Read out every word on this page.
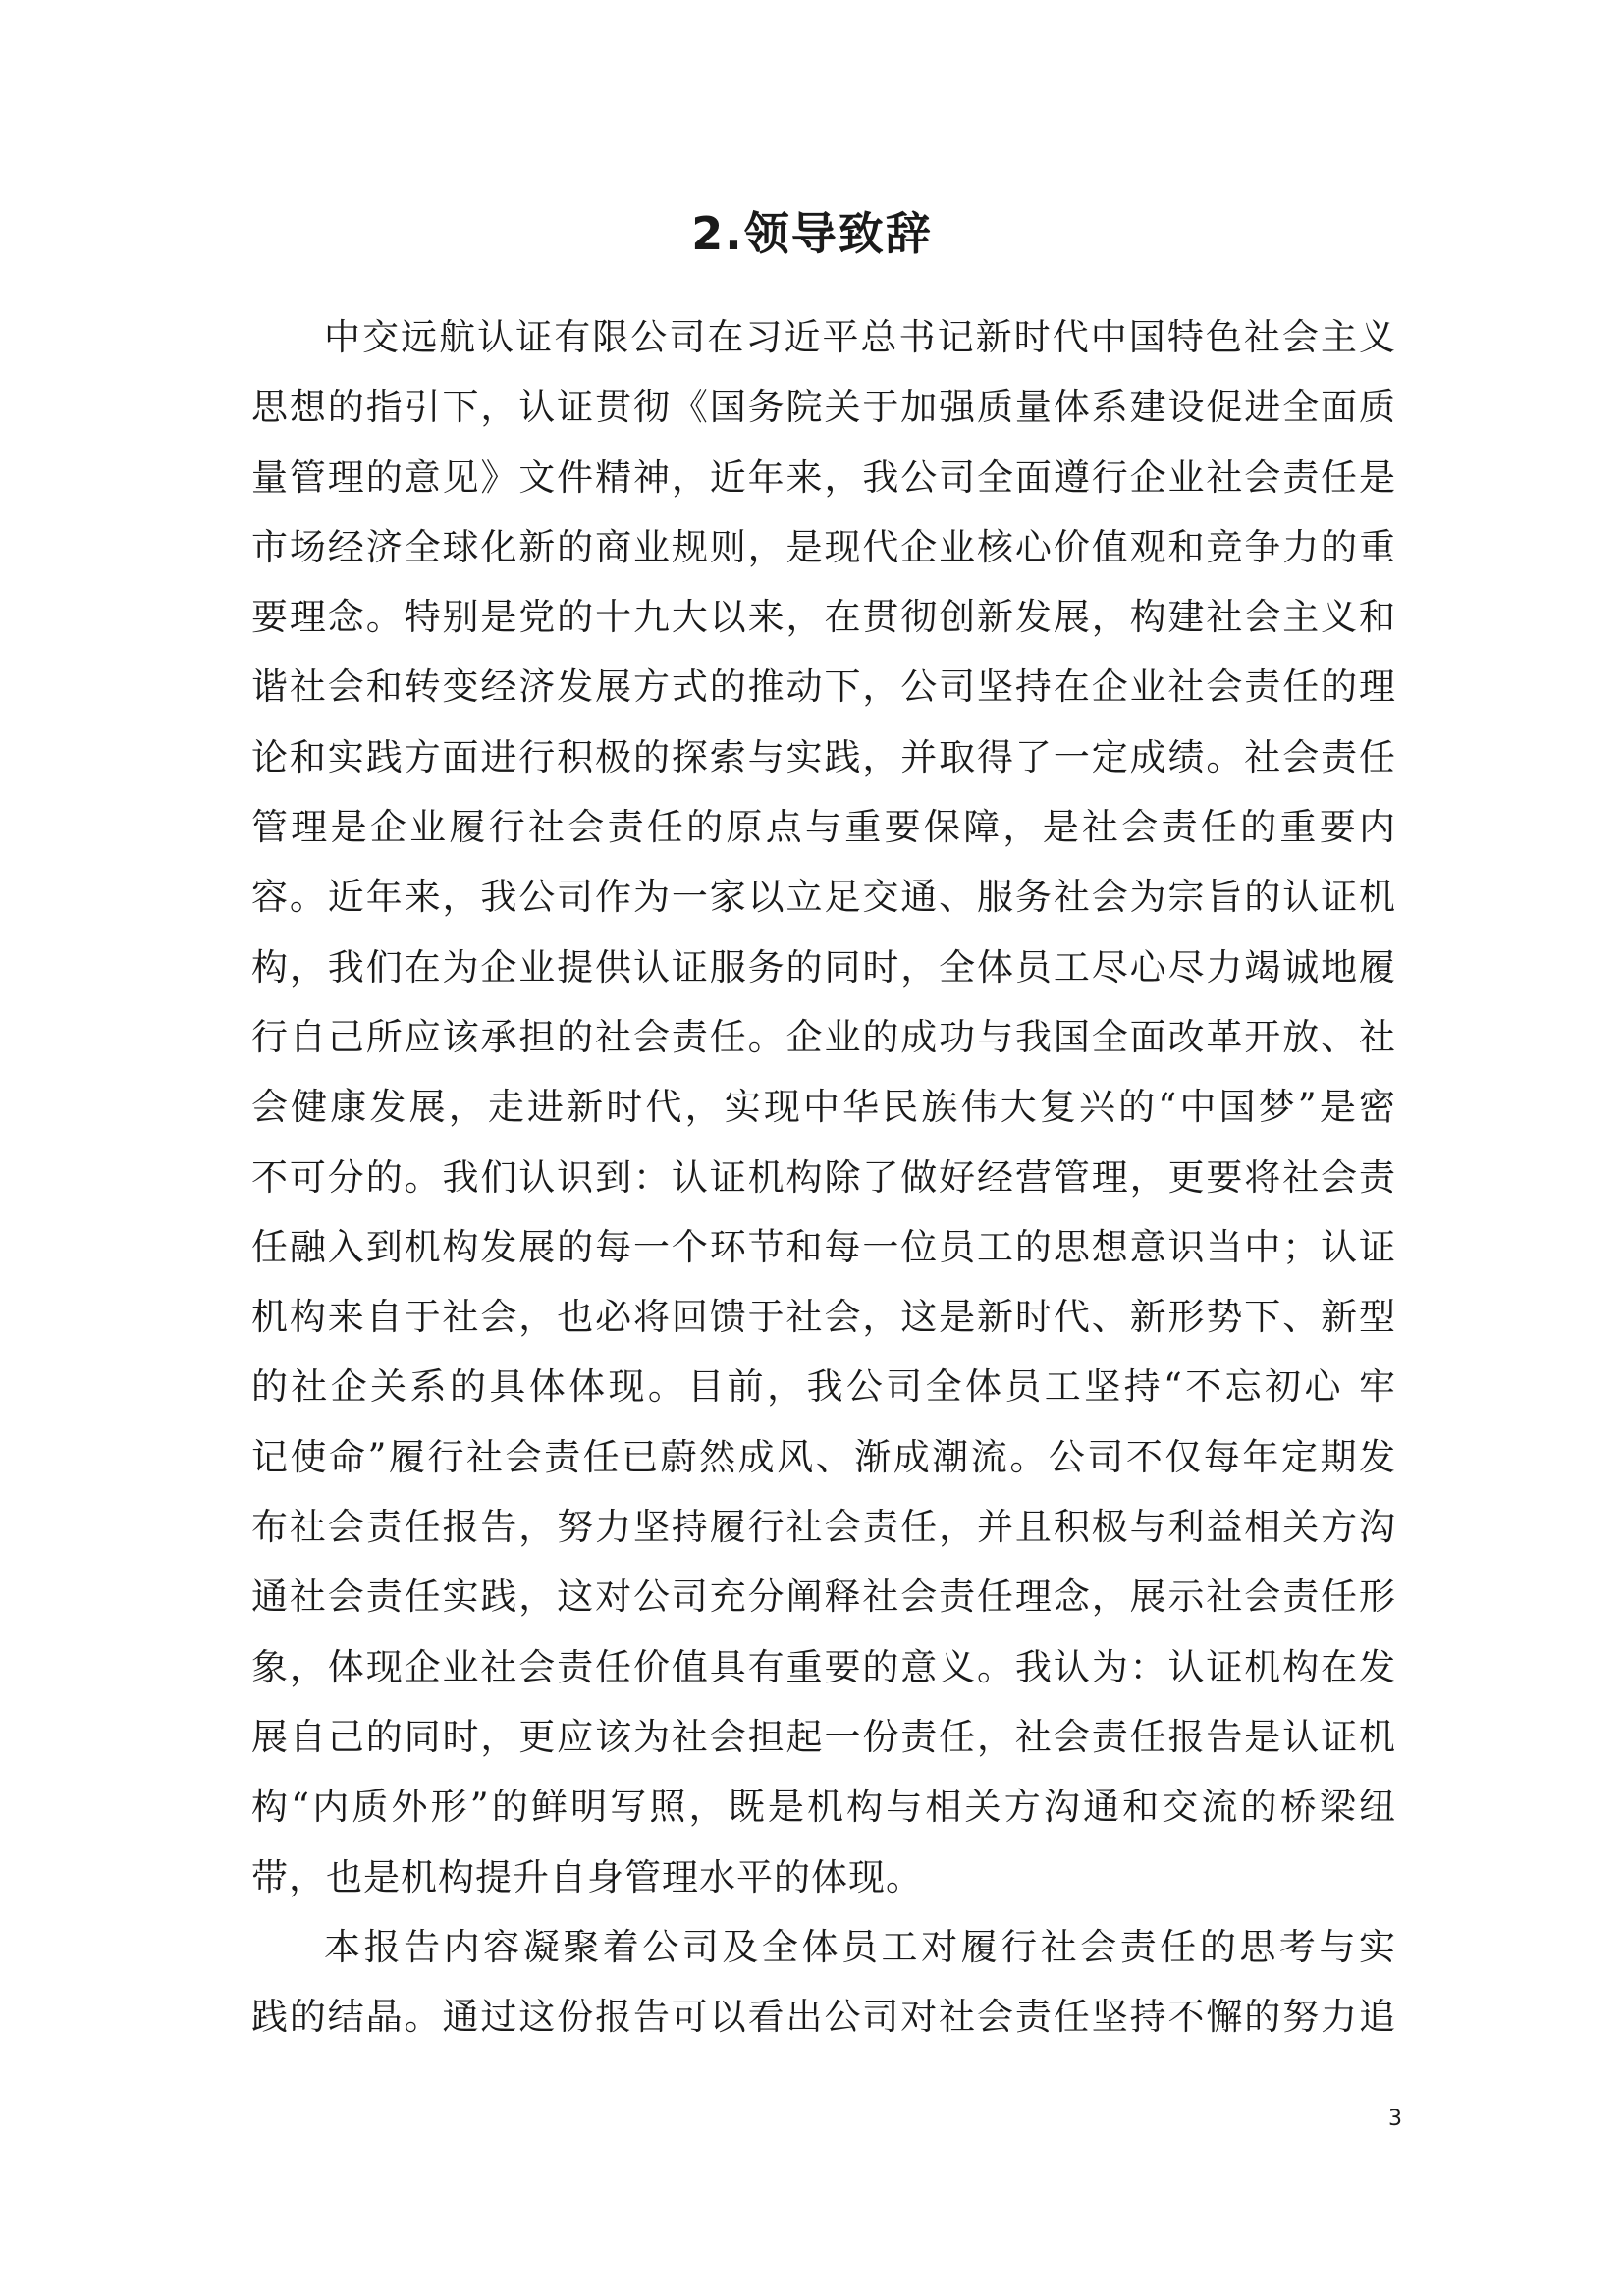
2.领导致辞
中交远航认证有限公司在习近平总书记新时代中国特色社会主义
思想的指引下，认证贯彻《国务院关于加强质量体系建设促进全面质
量管理的意见》文件精神，近年来，我公司全面遵行企业社会责任是
市场经济全球化新的商业规则，是现代企业核心价值观和竞争力的重
要理念。特别是党的十九大以来，在贯彻创新发展，构建社会主义和
谐社会和转变经济发展方式的推动下，公司坚持在企业社会责任的理
论和实践方面进行积极的探索与实践，并取得了一定成绩。社会责任
管理是企业履行社会责任的原点与重要保障，是社会责任的重要内
容。近年来，我公司作为一家以立足交通、服务社会为宗旨的认证机
构，我们在为企业提供认证服务的同时，全体员工尽心尽力竭诚地履
行自己所应该承担的社会责任。企业的成功与我国全面改革开放、社
会健康发展，走进新时代，实现中华民族伟大复兴的“中国梦”是密
不可分的。我们认识到：认证机构除了做好经营管理，更要将社会责
任融入到机构发展的每一个环节和每一位员工的思想意识当中；认证
机构来自于社会，也必将回馈于社会，这是新时代、新形势下、新型
的社企关系的具体体现。目前，我公司全体员工坚持“不忘初心 牢
记使命”履行社会责任已蔚然成风、渐成潮流。公司不仅每年定期发
布社会责任报告，努力坚持履行社会责任，并且积极与利益相关方沟
通社会责任实践，这对公司充分阐释社会责任理念，展示社会责任形
象，体现企业社会责任价值具有重要的意义。我认为：认证机构在发
展自己的同时，更应该为社会担起一份责任，社会责任报告是认证机
构“内质外形”的鲜明写照，既是机构与相关方沟通和交流的桥梁纽
带，也是机构提升自身管理水平的体现。
本报告内容凝聚着公司及全体员工对履行社会责任的思考与实
践的结晶。通过这份报告可以看出公司对社会责任坚持不懈的努力追
3
